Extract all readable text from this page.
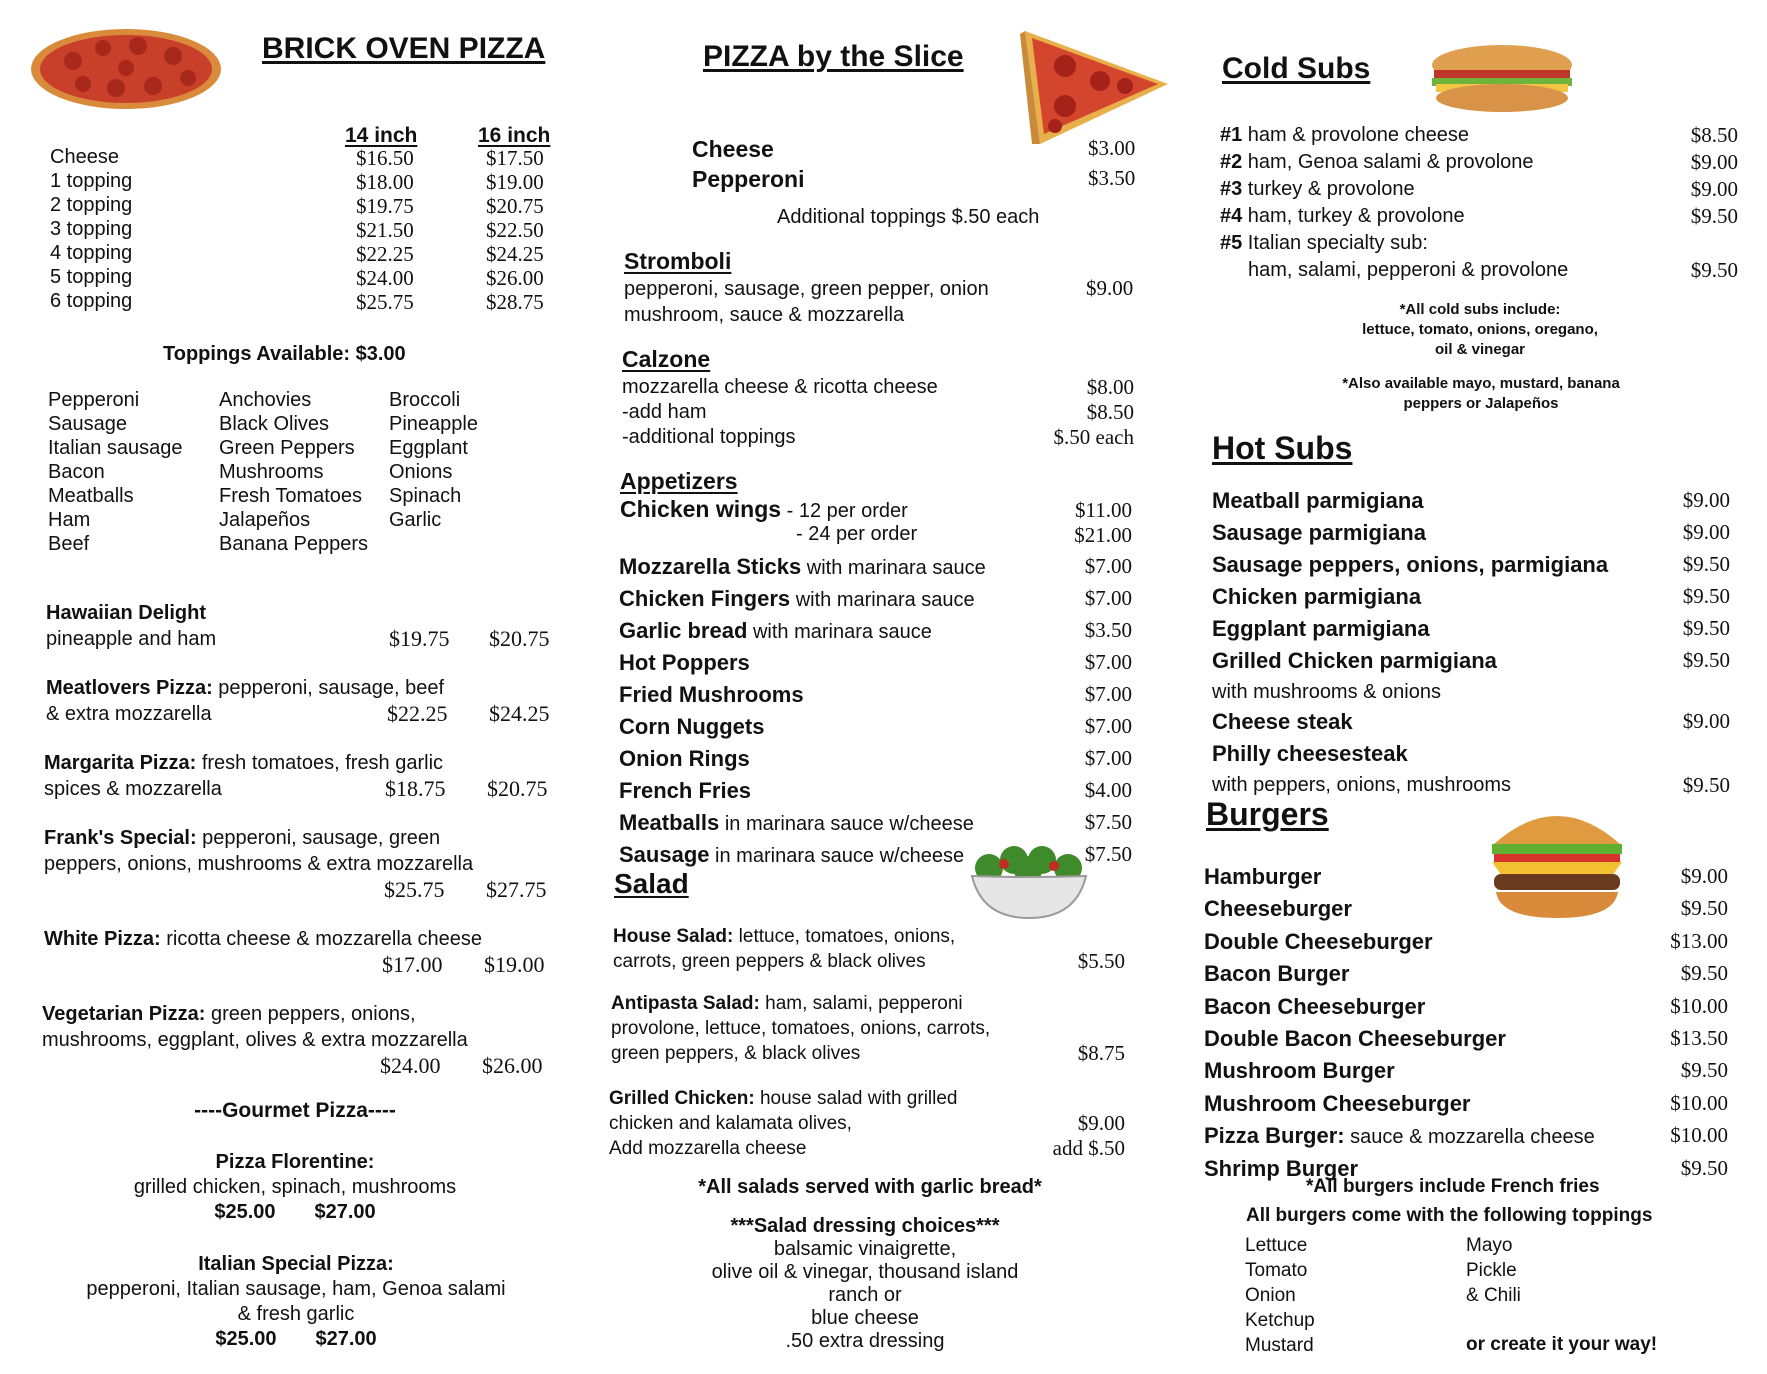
BRICK OVEN PIZZA
14 inch	16 inch
Cheese	$16.50	$17.50
1 topping	$18.00	$19.00
2 topping	$19.75	$20.75
3 topping	$21.50	$22.50
4 topping	$22.25	$24.25
5 topping	$24.00	$26.00
6 topping	$25.75	$28.75
Toppings Available: $3.00
Pepperoni
Sausage
Italian sausage
Bacon
Meatballs
Ham
Beef
Anchovies
Black Olives
Green Peppers
Mushrooms
Fresh Tomatoes
Jalapeños
Banana Peppers
Broccoli
Pineapple
Eggplant
Onions
Spinach
Garlic
Hawaiian Delight
pineapple and ham	$19.75 $20.75
Meatlovers Pizza: pepperoni, sausage, beef
& extra mozzarella	$22.25 $24.25
Margarita Pizza: fresh tomatoes, fresh garlic
spices & mozzarella	$18.75 $20.75
Frank's Special: pepperoni, sausage, green
peppers, onions, mushrooms & extra mozzarella
$25.75 $27.75
White Pizza: ricotta cheese & mozzarella cheese
$17.00 $19.00
Vegetarian Pizza: green peppers, onions,
mushrooms, eggplant, olives & extra mozzarella
$24.00 $26.00
----Gourmet Pizza----
Pizza Florentine:
grilled chicken, spinach, mushrooms
$25.00 $27.00
Italian Special Pizza:
pepperoni, Italian sausage, ham, Genoa salami
& fresh garlic
$25.00 $27.00
PIZZA by the Slice
Cheese	$3.00
Pepperoni	$3.50
Additional toppings $.50 each
Stromboli
pepperoni, sausage, green pepper, onion
mushroom, sauce & mozzarella
$9.00
Calzone
mozzarella cheese & ricotta cheese	$8.00
-add ham	$8.50
-additional toppings	$.50 each
Appetizers
Chicken wings - 12 per order	$11.00
- 24 per order	$21.00
Mozzarella Sticks with marinara sauce	$7.00
Chicken Fingers with marinara sauce	$7.00
Garlic bread with marinara sauce	$3.50
Hot Poppers	$7.00
Fried Mushrooms	$7.00
Corn Nuggets	$7.00
Onion Rings	$7.00
French Fries	$4.00
Meatballs in marinara sauce w/cheese	$7.50
Sausage in marinara sauce w/cheese	$7.50
Salad
House Salad: lettuce, tomatoes, onions,
carrots, green peppers & black olives	$5.50
Antipasta Salad: ham, salami, pepperoni
provolone, lettuce, tomatoes, onions, carrots,
green peppers, & black olives	$8.75
Grilled Chicken: house salad with grilled
chicken and kalamata olives,	$9.00
Add mozzarella cheese	add $.50
*All salads served with garlic bread*
***Salad dressing choices***
balsamic vinaigrette,
olive oil & vinegar, thousand island
ranch or
blue cheese
.50 extra dressing
Cold Subs
#1 ham & provolone cheese	$8.50
#2 ham, Genoa salami & provolone	$9.00
#3 turkey & provolone	$9.00
#4 ham, turkey & provolone	$9.50
#5 Italian specialty sub:
ham, salami, pepperoni & provolone	$9.50
*All cold subs include:
lettuce, tomato, onions, oregano,
oil & vinegar
*Also available mayo, mustard, banana
peppers or Jalapeños
Hot Subs
Meatball parmigiana	$9.00
Sausage parmigiana	$9.00
Sausage peppers, onions, parmigiana	$9.50
Chicken parmigiana	$9.50
Eggplant parmigiana	$9.50
Grilled Chicken parmigiana	$9.50
with mushrooms & onions
Cheese steak	$9.00
Philly cheesesteak
with peppers, onions, mushrooms	$9.50
Burgers
Hamburger	$9.00
Cheeseburger	$9.50
Double Cheeseburger	$13.00
Bacon Burger	$9.50
Bacon Cheeseburger	$10.00
Double Bacon Cheeseburger	$13.50
Mushroom Burger	$9.50
Mushroom Cheeseburger	$10.00
Pizza Burger: sauce & mozzarella cheese	$10.00
Shrimp Burger	$9.50
*All burgers include French fries
All burgers come with the following toppings
Lettuce
Tomato
Onion
Ketchup
Mustard
Mayo
Pickle
& Chili
or create it your way!
